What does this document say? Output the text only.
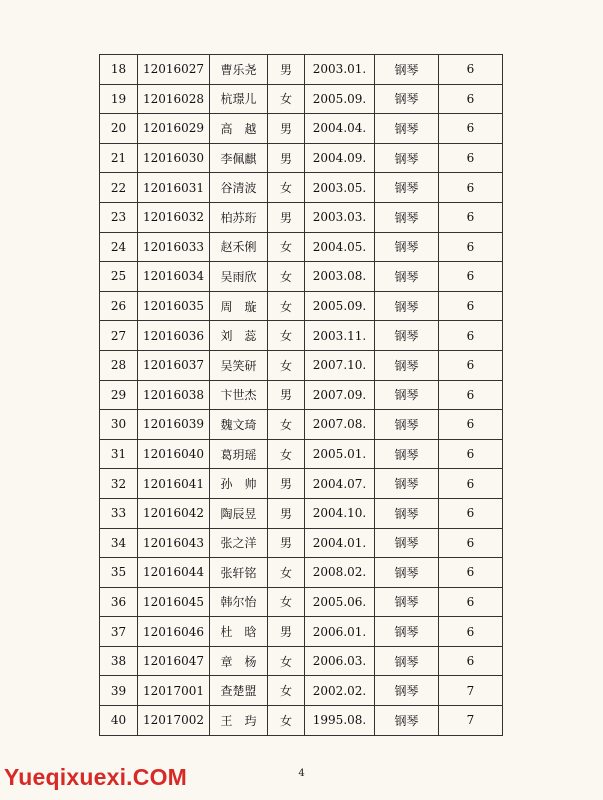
18	12016027	曹乐尧	男	2003.01.	钢琴	6
19	12016028	杭璟儿	女	2005.09.	钢琴	6
20	12016029	高　越	男	2004.04.	钢琴	6
21	12016030	李佩麒	男	2004.09.	钢琴	6
22	12016031	谷清波	女	2003.05.	钢琴	6
23	12016032	柏苏珩	男	2003.03.	钢琴	6
24	12016033	赵禾俐	女	2004.05.	钢琴	6
25	12016034	吴雨欣	女	2003.08.	钢琴	6
26	12016035	周　璇	女	2005.09.	钢琴	6
27	12016036	刘　蕊	女	2003.11.	钢琴	6
28	12016037	吴笑研	女	2007.10.	钢琴	6
29	12016038	卞世杰	男	2007.09.	钢琴	6
30	12016039	魏文琦	女	2007.08.	钢琴	6
31	12016040	葛玥瑶	女	2005.01.	钢琴	6
32	12016041	孙　帅	男	2004.07.	钢琴	6
33	12016042	陶辰昱	男	2004.10.	钢琴	6
34	12016043	张之洋	男	2004.01.	钢琴	6
35	12016044	张轩铭	女	2008.02.	钢琴	6
36	12016045	韩尔怡	女	2005.06.	钢琴	6
37	12016046	杜　晗	男	2006.01.	钢琴	6
38	12016047	章　杨	女	2006.03.	钢琴	6
39	12017001	查楚盟	女	2002.02.	钢琴	7
40	12017002	王　玙	女	1995.08.	钢琴	7
4
Yueqixuexi.COM
